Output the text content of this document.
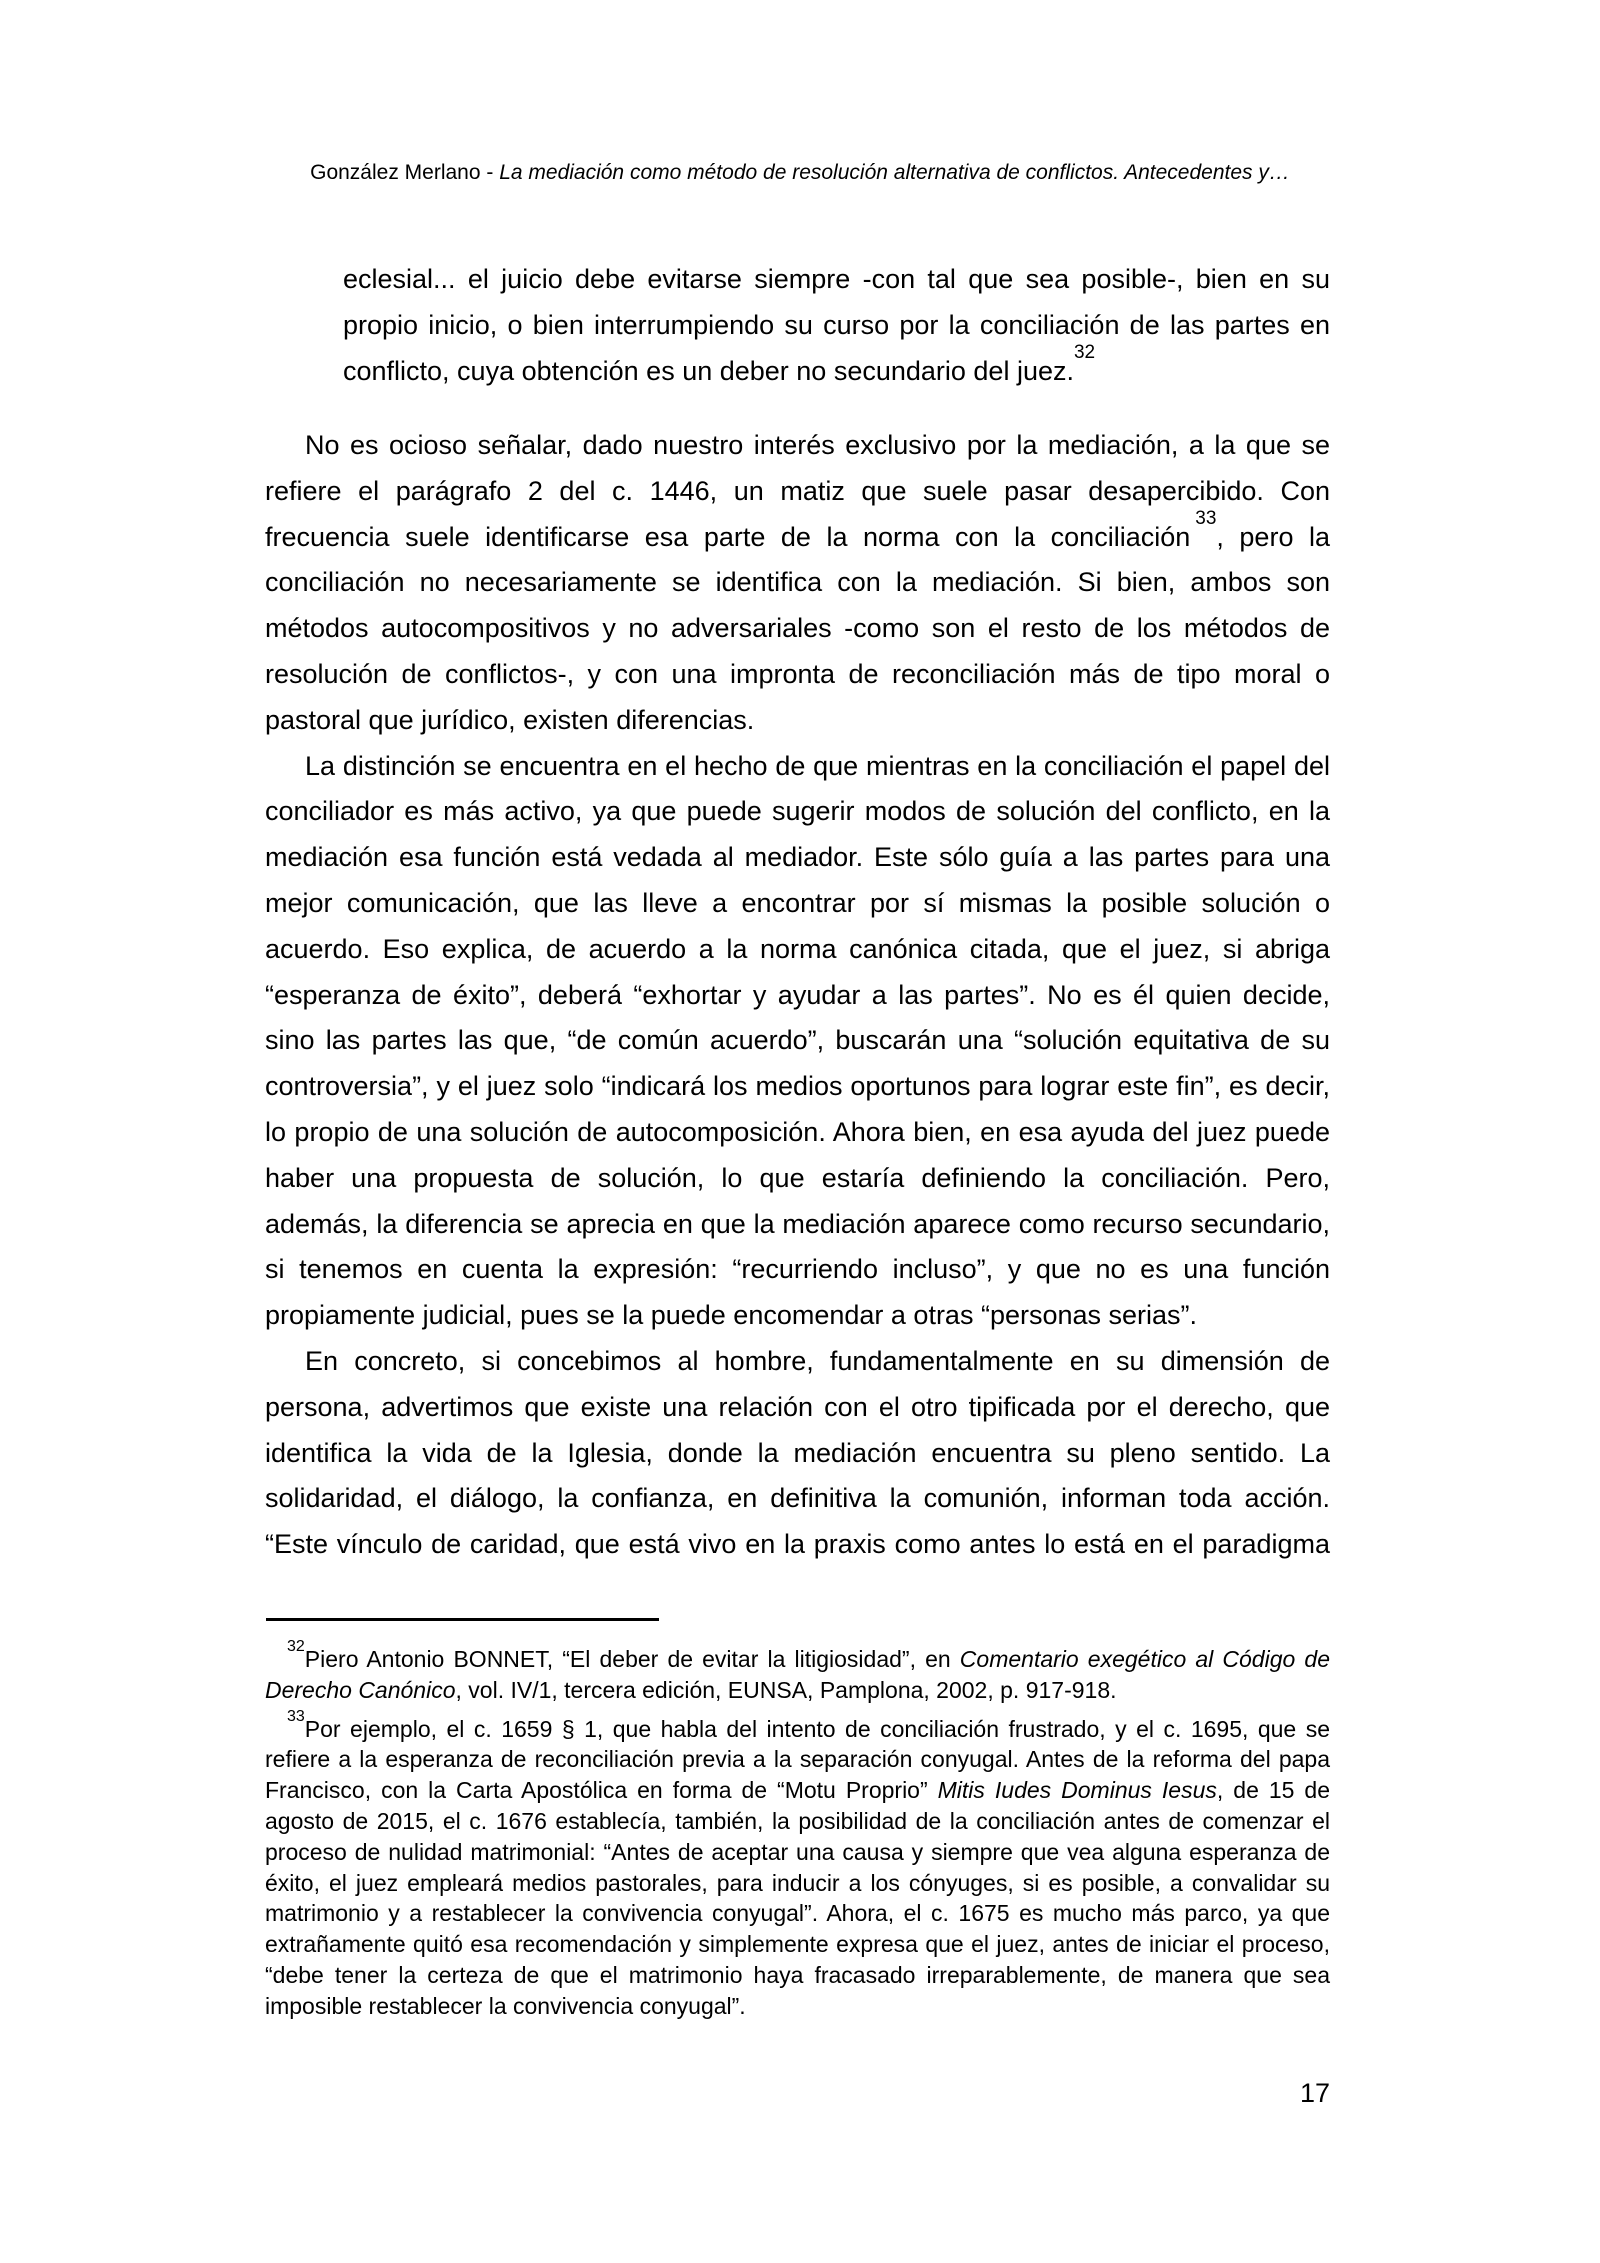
González Merlano - La mediación como método de resolución alternativa de conflictos. Antecedentes y…
eclesial... el juicio debe evitarse siempre -con tal que sea posible-, bien en su propio inicio, o bien interrumpiendo su curso por la conciliación de las partes en conflicto, cuya obtención es un deber no secundario del juez.$^{32}$

No es ocioso señalar, dado nuestro interés exclusivo por la mediación, a la que se refiere el parágrafo 2 del c. 1446, un matiz que suele pasar desapercibido. Con frecuencia suele identificarse esa parte de la norma con la conciliación$^{33}$, pero la conciliación no necesariamente se identifica con la mediación. Si bien, ambos son métodos autocompositivos y no adversariales -como son el resto de los métodos de resolución de conflictos-, y con una impronta de reconciliación más de tipo moral o pastoral que jurídico, existen diferencias.

La distinción se encuentra en el hecho de que mientras en la conciliación el papel del conciliador es más activo, ya que puede sugerir modos de solución del conflicto, en la mediación esa función está vedada al mediador. Este sólo guía a las partes para una mejor comunicación, que las lleve a encontrar por sí mismas la posible solución o acuerdo. Eso explica, de acuerdo a la norma canónica citada, que el juez, si abriga “esperanza de éxito”, deberá “exhortar y ayudar a las partes”. No es él quien decide, sino las partes las que, “de común acuerdo”, buscarán una “solución equitativa de su controversia”, y el juez solo “indicará los medios oportunos para lograr este fin”, es decir, lo propio de una solución de autocomposición. Ahora bien, en esa ayuda del juez puede haber una propuesta de solución, lo que estaría definiendo la conciliación. Pero, además, la diferencia se aprecia en que la mediación aparece como recurso secundario, si tenemos en cuenta la expresión: “recurriendo incluso”, y que no es una función propiamente judicial, pues se la puede encomendar a otras “personas serias”.

En concreto, si concebimos al hombre, fundamentalmente en su dimensión de persona, advertimos que existe una relación con el otro tipificada por el derecho, que identifica la vida de la Iglesia, donde la mediación encuentra su pleno sentido. La solidaridad, el diálogo, la confianza, en definitiva la comunión, informan toda acción. “Este vínculo de caridad, que está vivo en la praxis como antes lo está en el paradigma

$^{32}$Piero Antonio BONNET, “El deber de evitar la litigiosidad”, en Comentario exegético al Código de Derecho Canónico, vol. IV/1, tercera edición, EUNSA, Pamplona, 2002, p. 917-918.

$^{33}$Por ejemplo, el c. 1659 § 1, que habla del intento de conciliación frustrado, y el c. 1695, que se refiere a la esperanza de reconciliación previa a la separación conyugal. Antes de la reforma del papa Francisco, con la Carta Apostólica en forma de “Motu Proprio” Mitis Iudes Dominus Iesus, de 15 de agosto de 2015, el c. 1676 establecía, también, la posibilidad de la conciliación antes de comenzar el proceso de nulidad matrimonial: “Antes de aceptar una causa y siempre que vea alguna esperanza de éxito, el juez empleará medios pastorales, para inducir a los cónyuges, si es posible, a convalidar su matrimonio y a restablecer la convivencia conyugal”. Ahora, el c. 1675 es mucho más parco, ya que extrañamente quitó esa recomendación y simplemente expresa que el juez, antes de iniciar el proceso, “debe tener la certeza de que el matrimonio haya fracasado irreparablemente, de manera que sea imposible restablecer la convivencia conyugal”.

17
